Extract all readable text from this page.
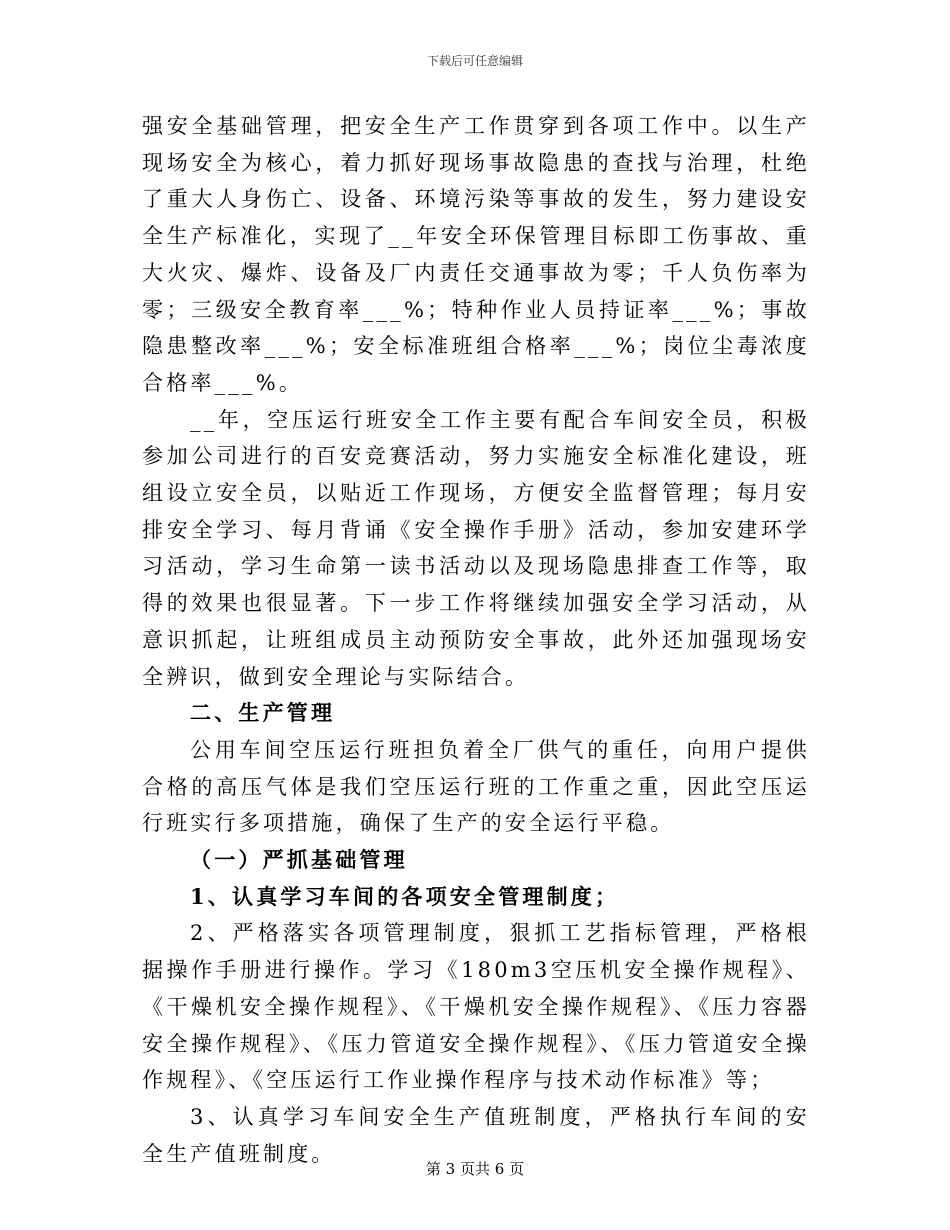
下载后可任意编辑

强安全基础管理，把安全生产工作贯穿到各项工作中。以生产现场安全为核心，着力抓好现场事故隐患的查找与治理，杜绝了重大人身伤亡、设备、环境污染等事故的发生，努力建设安全生产标准化，实现了__年安全环保管理目标即工伤事故、重大火灾、爆炸、设备及厂内责任交通事故为零；千人负伤率为零；三级安全教育率___%；特种作业人员持证率___%；事故隐患整改率___%；安全标准班组合格率___%；岗位尘毒浓度合格率___%。

__年，空压运行班安全工作主要有配合车间安全员，积极参加公司进行的百安竞赛活动，努力实施安全标准化建设，班组设立安全员，以贴近工作现场，方便安全监督管理；每月安排安全学习、每月背诵《安全操作手册》活动，参加安建环学习活动，学习生命第一读书活动以及现场隐患排查工作等，取得的效果也很显著。下一步工作将继续加强安全学习活动，从意识抓起，让班组成员主动预防安全事故，此外还加强现场安全辨识，做到安全理论与实际结合。

二、生产管理

公用车间空压运行班担负着全厂供气的重任，向用户提供合格的高压气体是我们空压运行班的工作重之重，因此空压运行班实行多项措施，确保了生产的安全运行平稳。

（一）严抓基础管理

1、认真学习车间的各项安全管理制度；

2、严格落实各项管理制度，狠抓工艺指标管理，严格根据操作手册进行操作。学习《180m3空压机安全操作规程》、《干燥机安全操作规程》、《干燥机安全操作规程》、《压力容器安全操作规程》、《压力管道安全操作规程》、《压力管道安全操作规程》、《空压运行工作业操作程序与技术动作标准》等；

3、认真学习车间安全生产值班制度，严格执行车间的安全生产值班制度。

第 3 页共 6 页
